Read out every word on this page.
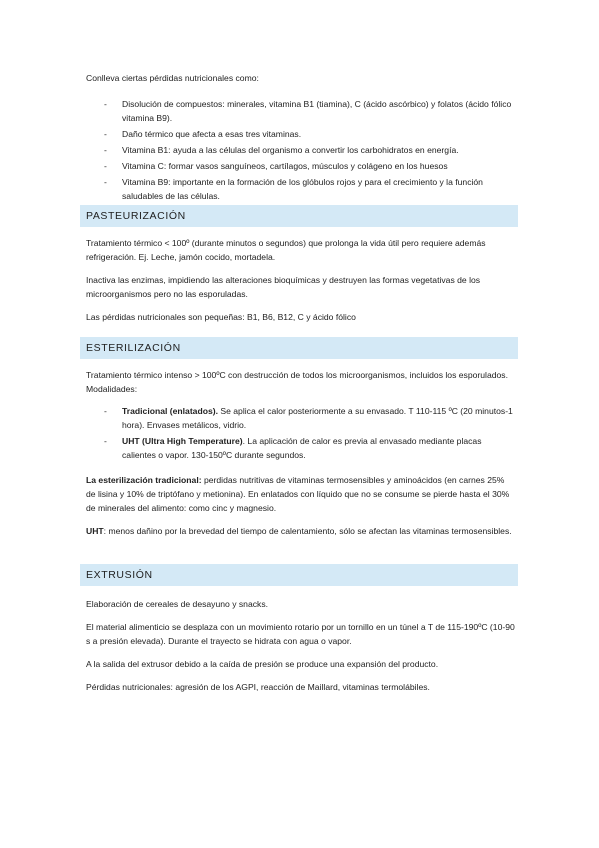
Conlleva ciertas pérdidas nutricionales como:

- Disolución de compuestos: minerales, vitamina B1 (tiamina), C (ácido ascórbico) y folatos (ácido fólico vitamina B9).
- Daño térmico que afecta a esas tres vitaminas.
- Vitamina B1: ayuda a las células del organismo a convertir los carbohidratos en energía.
- Vitamina C: formar vasos sanguíneos, cartílagos, músculos y colágeno en los huesos
- Vitamina B9: importante en la formación de los glóbulos rojos y para el crecimiento y la función saludables de las células.
PASTEURIZACIÓN

Tratamiento térmico < 100º (durante minutos o segundos) que prolonga la vida útil pero requiere además refrigeración. Ej. Leche, jamón cocido, mortadela.

Inactiva las enzimas, impidiendo las alteraciones bioquímicas y destruyen las formas vegetativas de los microorganismos pero no las esporuladas.

Las pérdidas nutricionales son pequeñas: B1, B6, B12, C y ácido fólico

ESTERILIZACIÓN

Tratamiento térmico intenso > 100ºC con destrucción de todos los microorganismos, incluidos los esporulados. Modalidades:

- Tradicional (enlatados). Se aplica el calor posteriormente a su envasado. T 110-115 ºC (20 minutos-1 hora). Envases metálicos, vidrio.
- UHT (Ultra High Temperature). La aplicación de calor es previa al envasado mediante placas calientes o vapor. 130-150ºC durante segundos.

La esterilización tradicional: perdidas nutritivas de vitaminas termosensibles y aminoácidos (en carnes 25% de lisina y 10% de triptófano y metionina). En enlatados con líquido que no se consume se pierde hasta el 30% de minerales del alimento: como cinc y magnesio.

UHT: menos dañino por la brevedad del tiempo de calentamiento, sólo se afectan las vitaminas termosensibles.

EXTRUSIÓN

Elaboración de cereales de desayuno y snacks.

El material alimenticio se desplaza con un movimiento rotario por un tornillo en un túnel a T de 115-190ºC (10-90 s a presión elevada). Durante el trayecto se hidrata con agua o vapor.

A la salida del extrusor debido a la caída de presión se produce una expansión del producto.

Pérdidas nutricionales: agresión de los AGPI, reacción de Maillard, vitaminas termolábiles.
